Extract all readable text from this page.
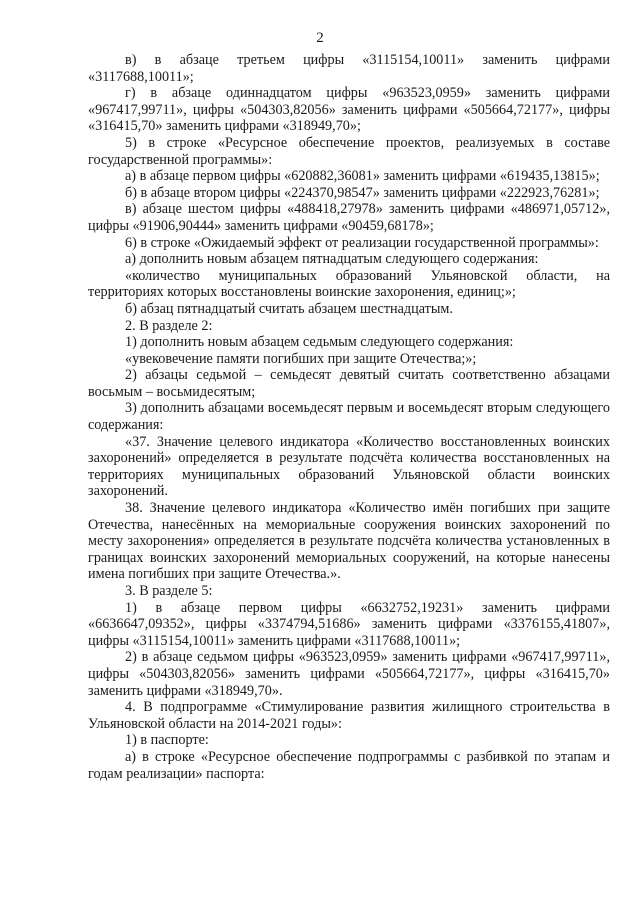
2

в) в абзаце третьем цифры «3115154,10011» заменить цифрами «3117688,10011»;

г) в абзаце одиннадцатом цифры «963523,0959» заменить цифрами «967417,99711», цифры «504303,82056» заменить цифрами «505664,72177», цифры «316415,70» заменить цифрами «318949,70»;

5) в строке «Ресурсное обеспечение проектов, реализуемых в составе государственной программы»:

а) в абзаце первом цифры «620882,36081» заменить цифрами «619435,13815»;

б) в абзаце втором цифры «224370,98547» заменить цифрами «222923,76281»;

в) абзаце шестом цифры «488418,27978» заменить цифрами «486971,05712», цифры «91906,90444» заменить цифрами «90459,68178»;

6) в строке «Ожидаемый эффект от реализации государственной программы»:

а) дополнить новым абзацем пятнадцатым следующего содержания:

«количество муниципальных образований Ульяновской области, на территориях которых восстановлены воинские захоронения, единиц;»;

б) абзац пятнадцатый считать абзацем шестнадцатым.

2. В разделе 2:

1) дополнить новым абзацем седьмым следующего содержания:

«увековечение памяти погибших при защите Отечества;»;

2) абзацы седьмой – семьдесят девятый считать соответственно абзацами восьмым – восьмидесятым;

3) дополнить абзацами восемьдесят первым и восемьдесят вторым следующего содержания:

«37. Значение целевого индикатора «Количество восстановленных воинских захоронений» определяется в результате подсчёта количества восстановленных на территориях муниципальных образований Ульяновской области воинских захоронений.

38. Значение целевого индикатора «Количество имён погибших при защите Отечества, нанесённых на мемориальные сооружения воинских захоронений по месту захоронения» определяется в результате подсчёта количества установленных в границах воинских захоронений мемориальных сооружений, на которые нанесены имена погибших при защите Отечества.».

3. В разделе 5:

1) в абзаце первом цифры «6632752,19231» заменить цифрами «6636647,09352», цифры «3374794,51686» заменить цифрами «3376155,41807», цифры «3115154,10011» заменить цифрами «3117688,10011»;

2) в абзаце седьмом цифры «963523,0959» заменить цифрами «967417,99711», цифры «504303,82056» заменить цифрами «505664,72177», цифры «316415,70» заменить цифрами «318949,70».

4. В подпрограмме «Стимулирование развития жилищного строительства в Ульяновской области на 2014-2021 годы»:

1) в паспорте:

а) в строке «Ресурсное обеспечение подпрограммы с разбивкой по этапам и годам реализации» паспорта:
